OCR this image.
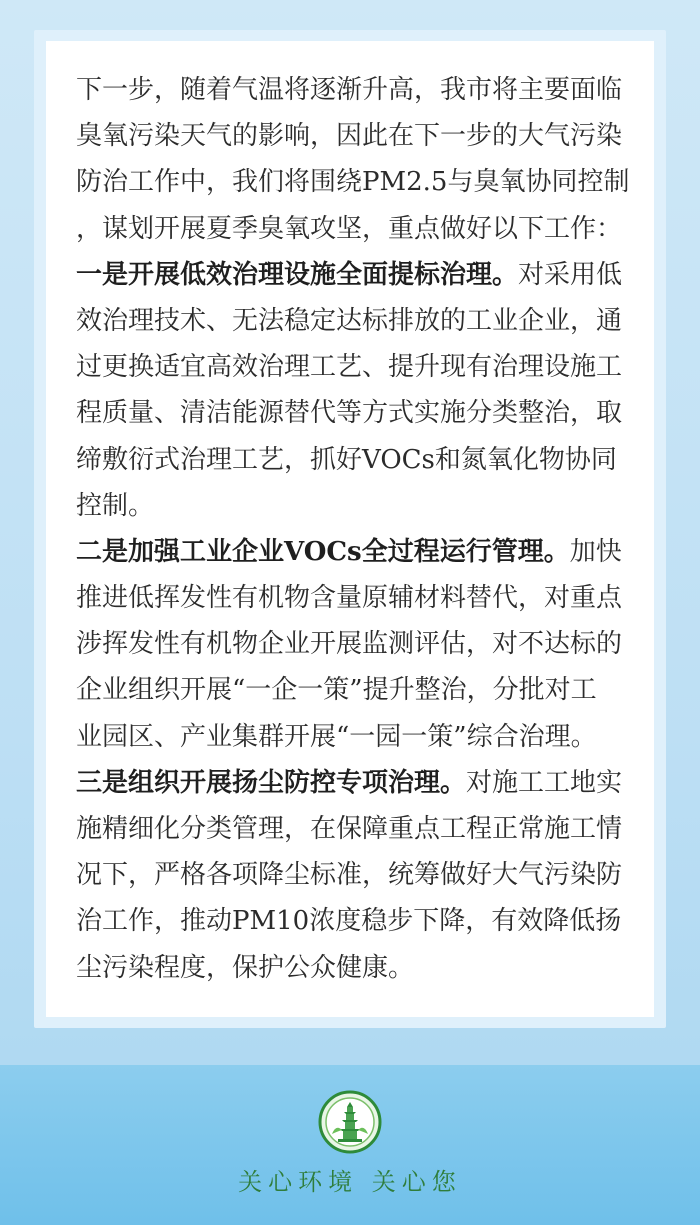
下一步，随着气温将逐渐升高，我市将主要面临
臭氧污染天气的影响，因此在下一步的大气污染
防治工作中，我们将围绕PM2.5与臭氧协同控制
，谋划开展夏季臭氧攻坚，重点做好以下工作：
一是开展低效治理设施全面提标治理。对采用低
效治理技术、无法稳定达标排放的工业企业，通
过更换适宜高效治理工艺、提升现有治理设施工
程质量、清洁能源替代等方式实施分类整治，取
缔敷衍式治理工艺，抓好VOCs和氮氧化物协同
控制。
二是加强工业企业VOCs全过程运行管理。加快
推进低挥发性有机物含量原辅材料替代，对重点
涉挥发性有机物企业开展监测评估，对不达标的
企业组织开展“一企一策”提升整治，分批对工
业园区、产业集群开展“一园一策”综合治理。
三是组织开展扬尘防控专项治理。对施工工地实
施精细化分类管理，在保障重点工程正常施工情
况下，严格各项降尘标准，统筹做好大气污染防
治工作，推动PM10浓度稳步下降，有效降低扬
尘污染程度，保护公众健康。
关心环境 关心您
